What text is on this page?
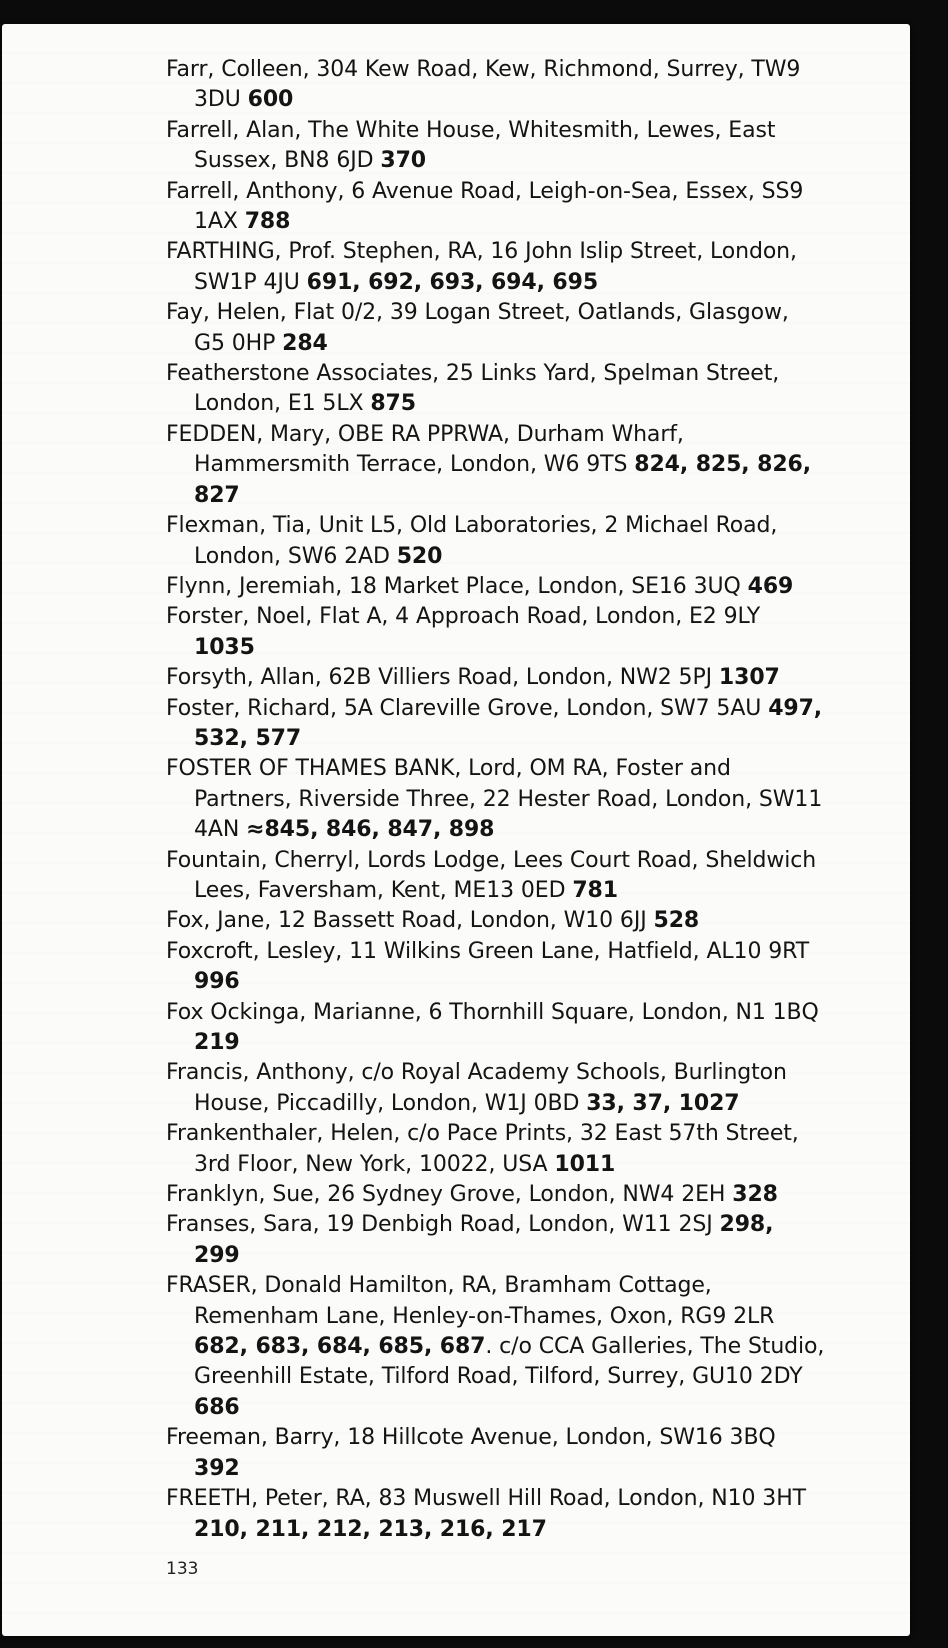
Farr, Colleen, 304 Kew Road, Kew, Richmond, Surrey, TW9 3DU 600
Farrell, Alan, The White House, Whitesmith, Lewes, East Sussex, BN8 6JD 370
Farrell, Anthony, 6 Avenue Road, Leigh-on-Sea, Essex, SS9 1AX 788
FARTHING, Prof. Stephen, RA, 16 John Islip Street, London, SW1P 4JU 691, 692, 693, 694, 695
Fay, Helen, Flat 0/2, 39 Logan Street, Oatlands, Glasgow, G5 0HP 284
Featherstone Associates, 25 Links Yard, Spelman Street, London, E1 5LX 875
FEDDEN, Mary, OBE RA PPRWA, Durham Wharf, Hammersmith Terrace, London, W6 9TS 824, 825, 826, 827
Flexman, Tia, Unit L5, Old Laboratories, 2 Michael Road, London, SW6 2AD 520
Flynn, Jeremiah, 18 Market Place, London, SE16 3UQ 469
Forster, Noel, Flat A, 4 Approach Road, London, E2 9LY 1035
Forsyth, Allan, 62B Villiers Road, London, NW2 5PJ 1307
Foster, Richard, 5A Clareville Grove, London, SW7 5AU 497, 532, 577
FOSTER OF THAMES BANK, Lord, OM RA, Foster and Partners, Riverside Three, 22 Hester Road, London, SW11 4AN ≈845, 846, 847, 898
Fountain, Cherryl, Lords Lodge, Lees Court Road, Sheldwich Lees, Faversham, Kent, ME13 0ED 781
Fox, Jane, 12 Bassett Road, London, W10 6JJ 528
Foxcroft, Lesley, 11 Wilkins Green Lane, Hatfield, AL10 9RT 996
Fox Ockinga, Marianne, 6 Thornhill Square, London, N1 1BQ 219
Francis, Anthony, c/o Royal Academy Schools, Burlington House, Piccadilly, London, W1J 0BD 33, 37, 1027
Frankenthaler, Helen, c/o Pace Prints, 32 East 57th Street, 3rd Floor, New York, 10022, USA 1011
Franklyn, Sue, 26 Sydney Grove, London, NW4 2EH 328
Franses, Sara, 19 Denbigh Road, London, W11 2SJ 298, 299
FRASER, Donald Hamilton, RA, Bramham Cottage, Remenham Lane, Henley-on-Thames, Oxon, RG9 2LR 682, 683, 684, 685, 687. c/o CCA Galleries, The Studio, Greenhill Estate, Tilford Road, Tilford, Surrey, GU10 2DY 686
Freeman, Barry, 18 Hillcote Avenue, London, SW16 3BQ 392
FREETH, Peter, RA, 83 Muswell Hill Road, London, N10 3HT 210, 211, 212, 213, 216, 217
133
